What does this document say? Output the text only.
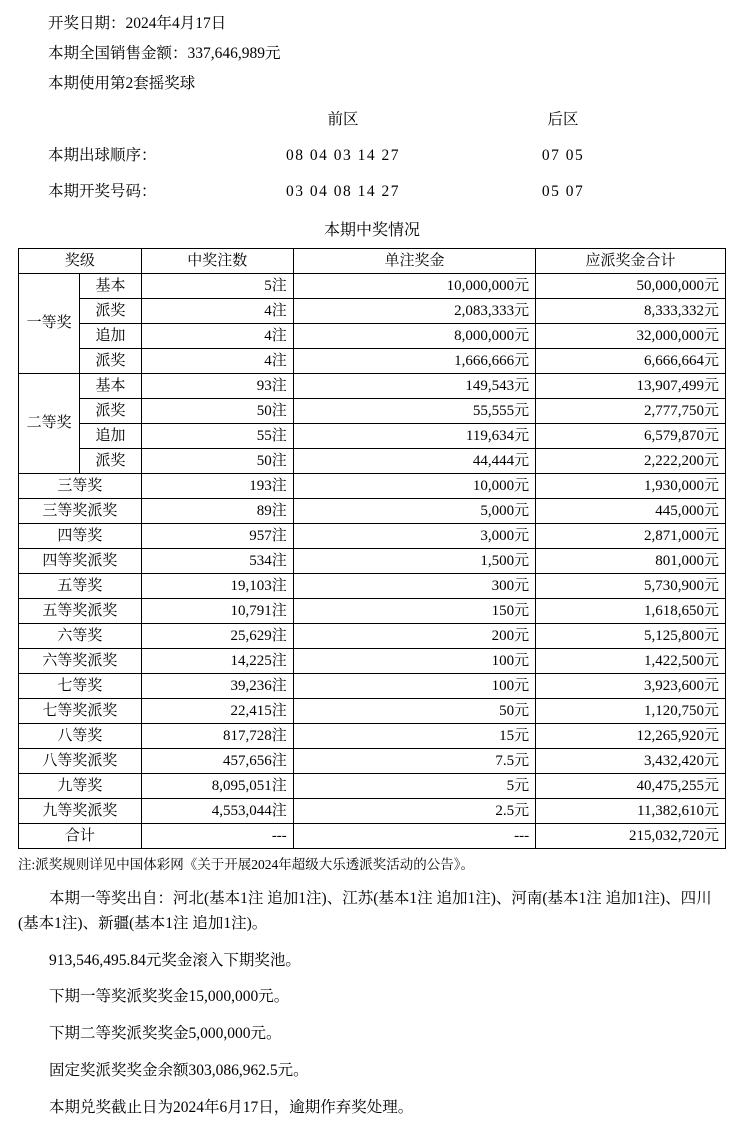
开奖日期：2024年4月17日
本期全国销售金额：337,646,989元
本期使用第2套摇奖球
前区	后区
本期出球顺序：	08 04 03 14 27	07 05
本期开奖号码：	03 04 08 14 27	05 07
本期中奖情况
奖级		中奖注数	单注奖金	应派奖金合计
一等奖	基本	5注	10,000,000元	50,000,000元
	派奖	4注	2,083,333元	8,333,332元
	追加	4注	8,000,000元	32,000,000元
	派奖	4注	1,666,666元	6,666,664元
二等奖	基本	93注	149,543元	13,907,499元
	派奖	50注	55,555元	2,777,750元
	追加	55注	119,634元	6,579,870元
	派奖	50注	44,444元	2,222,200元
三等奖		193注	10,000元	1,930,000元
三等奖派奖		89注	5,000元	445,000元
四等奖		957注	3,000元	2,871,000元
四等奖派奖		534注	1,500元	801,000元
五等奖		19,103注	300元	5,730,900元
五等奖派奖		10,791注	150元	1,618,650元
六等奖		25,629注	200元	5,125,800元
六等奖派奖		14,225注	100元	1,422,500元
七等奖		39,236注	100元	3,923,600元
七等奖派奖		22,415注	50元	1,120,750元
八等奖		817,728注	15元	12,265,920元
八等奖派奖		457,656注	7.5元	3,432,420元
九等奖		8,095,051注	5元	40,475,255元
九等奖派奖		4,553,044注	2.5元	11,382,610元
合计		---	---	215,032,720元
注:派奖规则详见中国体彩网《关于开展2024年超级大乐透派奖活动的公告》。
本期一等奖出自：河北(基本1注 追加1注)、江苏(基本1注 追加1注)、河南(基本1注 追加1注)、四川(基本1注)、新疆(基本1注 追加1注)。
913,546,495.84元奖金滚入下期奖池。
下期一等奖派奖奖金15,000,000元。
下期二等奖派奖奖金5,000,000元。
固定奖派奖奖金余额303,086,962.5元。
本期兑奖截止日为2024年6月17日，逾期作弃奖处理。
